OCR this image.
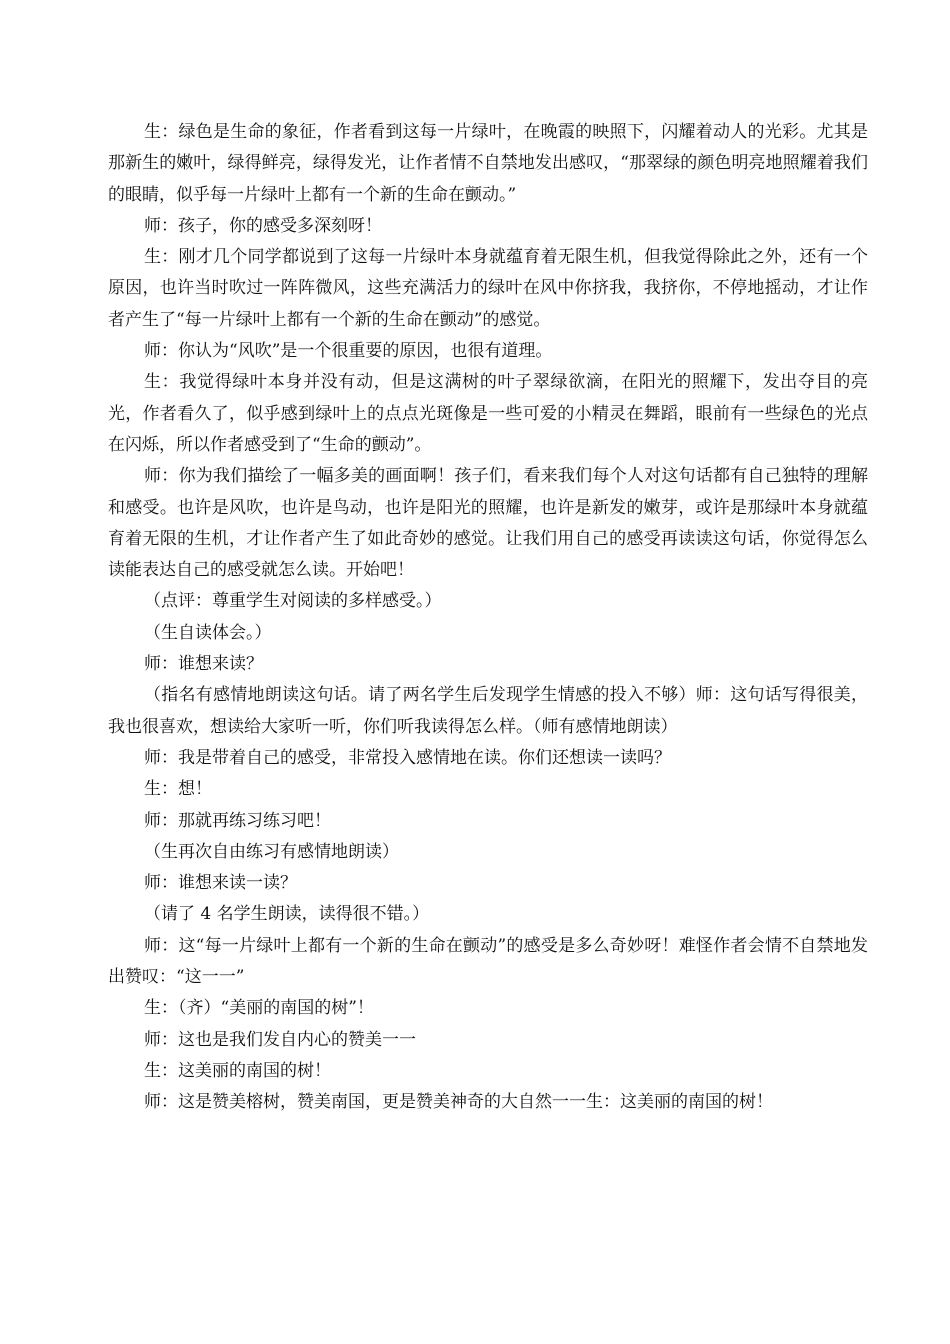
生：绿色是生命的象征，作者看到这每一片绿叶，在晚霞的映照下，闪耀着动人的光彩。尤其是那新生的嫩叶，绿得鲜亮，绿得发光，让作者情不自禁地发出感叹，“那翠绿的颜色明亮地照耀着我们的眼睛，似乎每一片绿叶上都有一个新的生命在颤动。”

师：孩子，你的感受多深刻呀！

生：刚才几个同学都说到了这每一片绿叶本身就蕴育着无限生机，但我觉得除此之外，还有一个原因，也许当时吹过一阵阵微风，这些充满活力的绿叶在风中你挤我，我挤你，不停地摇动，才让作者产生了“每一片绿叶上都有一个新的生命在颤动”的感觉。

师：你认为“风吹”是一个很重要的原因，也很有道理。

生：我觉得绿叶本身并没有动，但是这满树的叶子翠绿欲滴，在阳光的照耀下，发出夺目的亮光，作者看久了，似乎感到绿叶上的点点光斑像是一些可爱的小精灵在舞蹈，眼前有一些绿色的光点在闪烁，所以作者感受到了“生命的颤动”。

师：你为我们描绘了一幅多美的画面啊！孩子们，看来我们每个人对这句话都有自己独特的理解和感受。也许是风吹，也许是鸟动，也许是阳光的照耀，也许是新发的嫩芽，或许是那绿叶本身就蕴育着无限的生机，才让作者产生了如此奇妙的感觉。让我们用自己的感受再读读这句话，你觉得怎么读能表达自己的感受就怎么读。开始吧！

（点评：尊重学生对阅读的多样感受。）

（生自读体会。）

师：谁想来读？

（指名有感情地朗读这句话。请了两名学生后发现学生情感的投入不够）师：这句话写得很美，我也很喜欢，想读给大家听一听，你们听我读得怎么样。（师有感情地朗读）

师：我是带着自己的感受，非常投入感情地在读。你们还想读一读吗？

生：想！

师：那就再练习练习吧！

（生再次自由练习有感情地朗读）

师：谁想来读一读？

（请了 4 名学生朗读，读得很不错。）

师：这“每一片绿叶上都有一个新的生命在颤动”的感受是多么奇妙呀！难怪作者会情不自禁地发出赞叹：“这一一”

生：（齐）“美丽的南国的树”！

师：这也是我们发自内心的赞美一一

生：这美丽的南国的树！

师：这是赞美榕树，赞美南国，更是赞美神奇的大自然一一生：这美丽的南国的树！
